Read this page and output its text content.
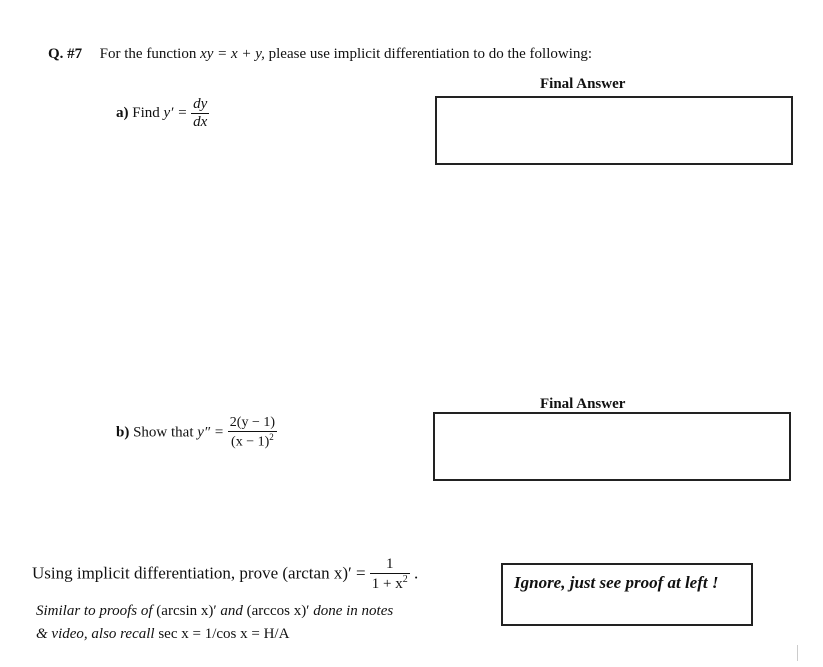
Q. #7 For the function xy = x + y, please use implicit differentiation to do the following:
Final Answer
a) Find $y' = \frac{dy}{dx}$
Final Answer
b) Show that $y'' = \frac{2(y - 1)}{(x - 1)^2}$
Using implicit differentiation, prove (arctan $x)' = \frac{1}{1 + x^2}$ .
Similar to proofs of (arcsin x)′ and (arccos x)′ done in notes
& video, also recall sec x = 1/cos x = H/A
Ignore, just see proof at left !
